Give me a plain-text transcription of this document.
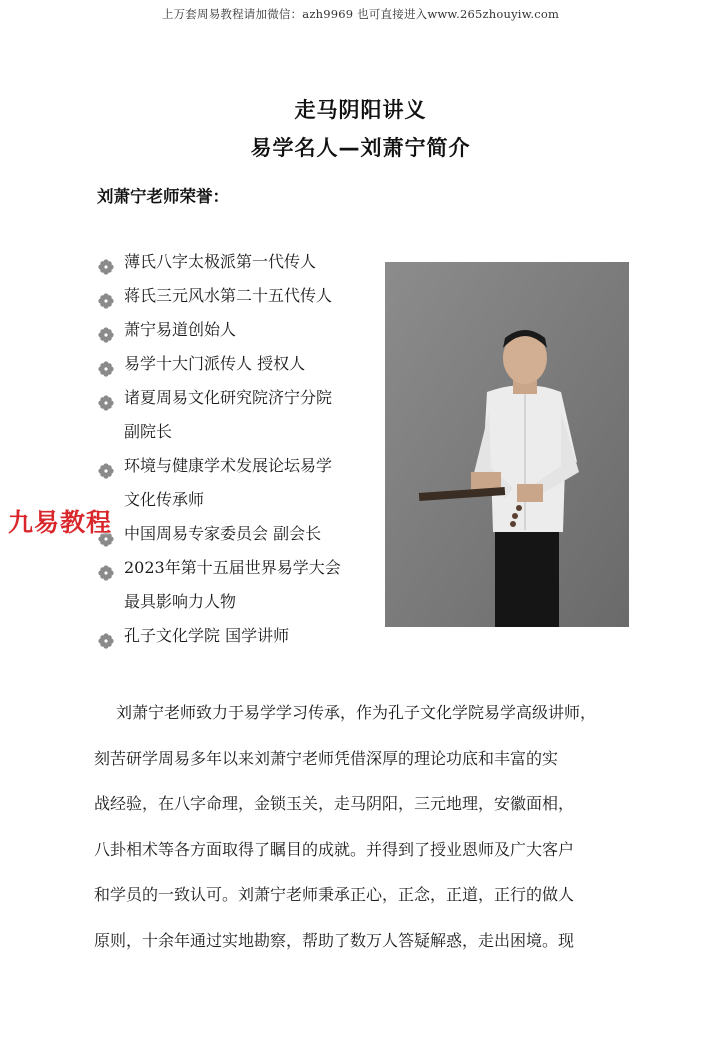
上万套周易教程请加微信：azh9969 也可直接进入www.265zhouyiw.com
走马阴阳讲义
易学名人—刘萧宁简介
刘萧宁老师荣誉：
薄氏八字太极派第一代传人
蒋氏三元风水第二十五代传人
萧宁易道创始人
易学十大门派传人 授权人
诸夏周易文化研究院济宁分院
副院长
环境与健康学术发展论坛易学
文化传承师
中国周易专家委员会 副会长
2023年第十五届世界易学大会
最具影响力人物
孔子文化学院 国学讲师
九易教程
刘萧宁老师致力于易学学习传承，作为孔子文化学院易学高级讲师，
刻苦研学周易多年以来刘萧宁老师凭借深厚的理论功底和丰富的实
战经验，在八字命理，金锁玉关，走马阴阳，三元地理，安徽面相，
八卦相术等各方面取得了瞩目的成就。并得到了授业恩师及广大客户
和学员的一致认可。刘萧宁老师秉承正心，正念，正道，正行的做人
原则，十余年通过实地勘察，帮助了数万人答疑解惑，走出困境。现
